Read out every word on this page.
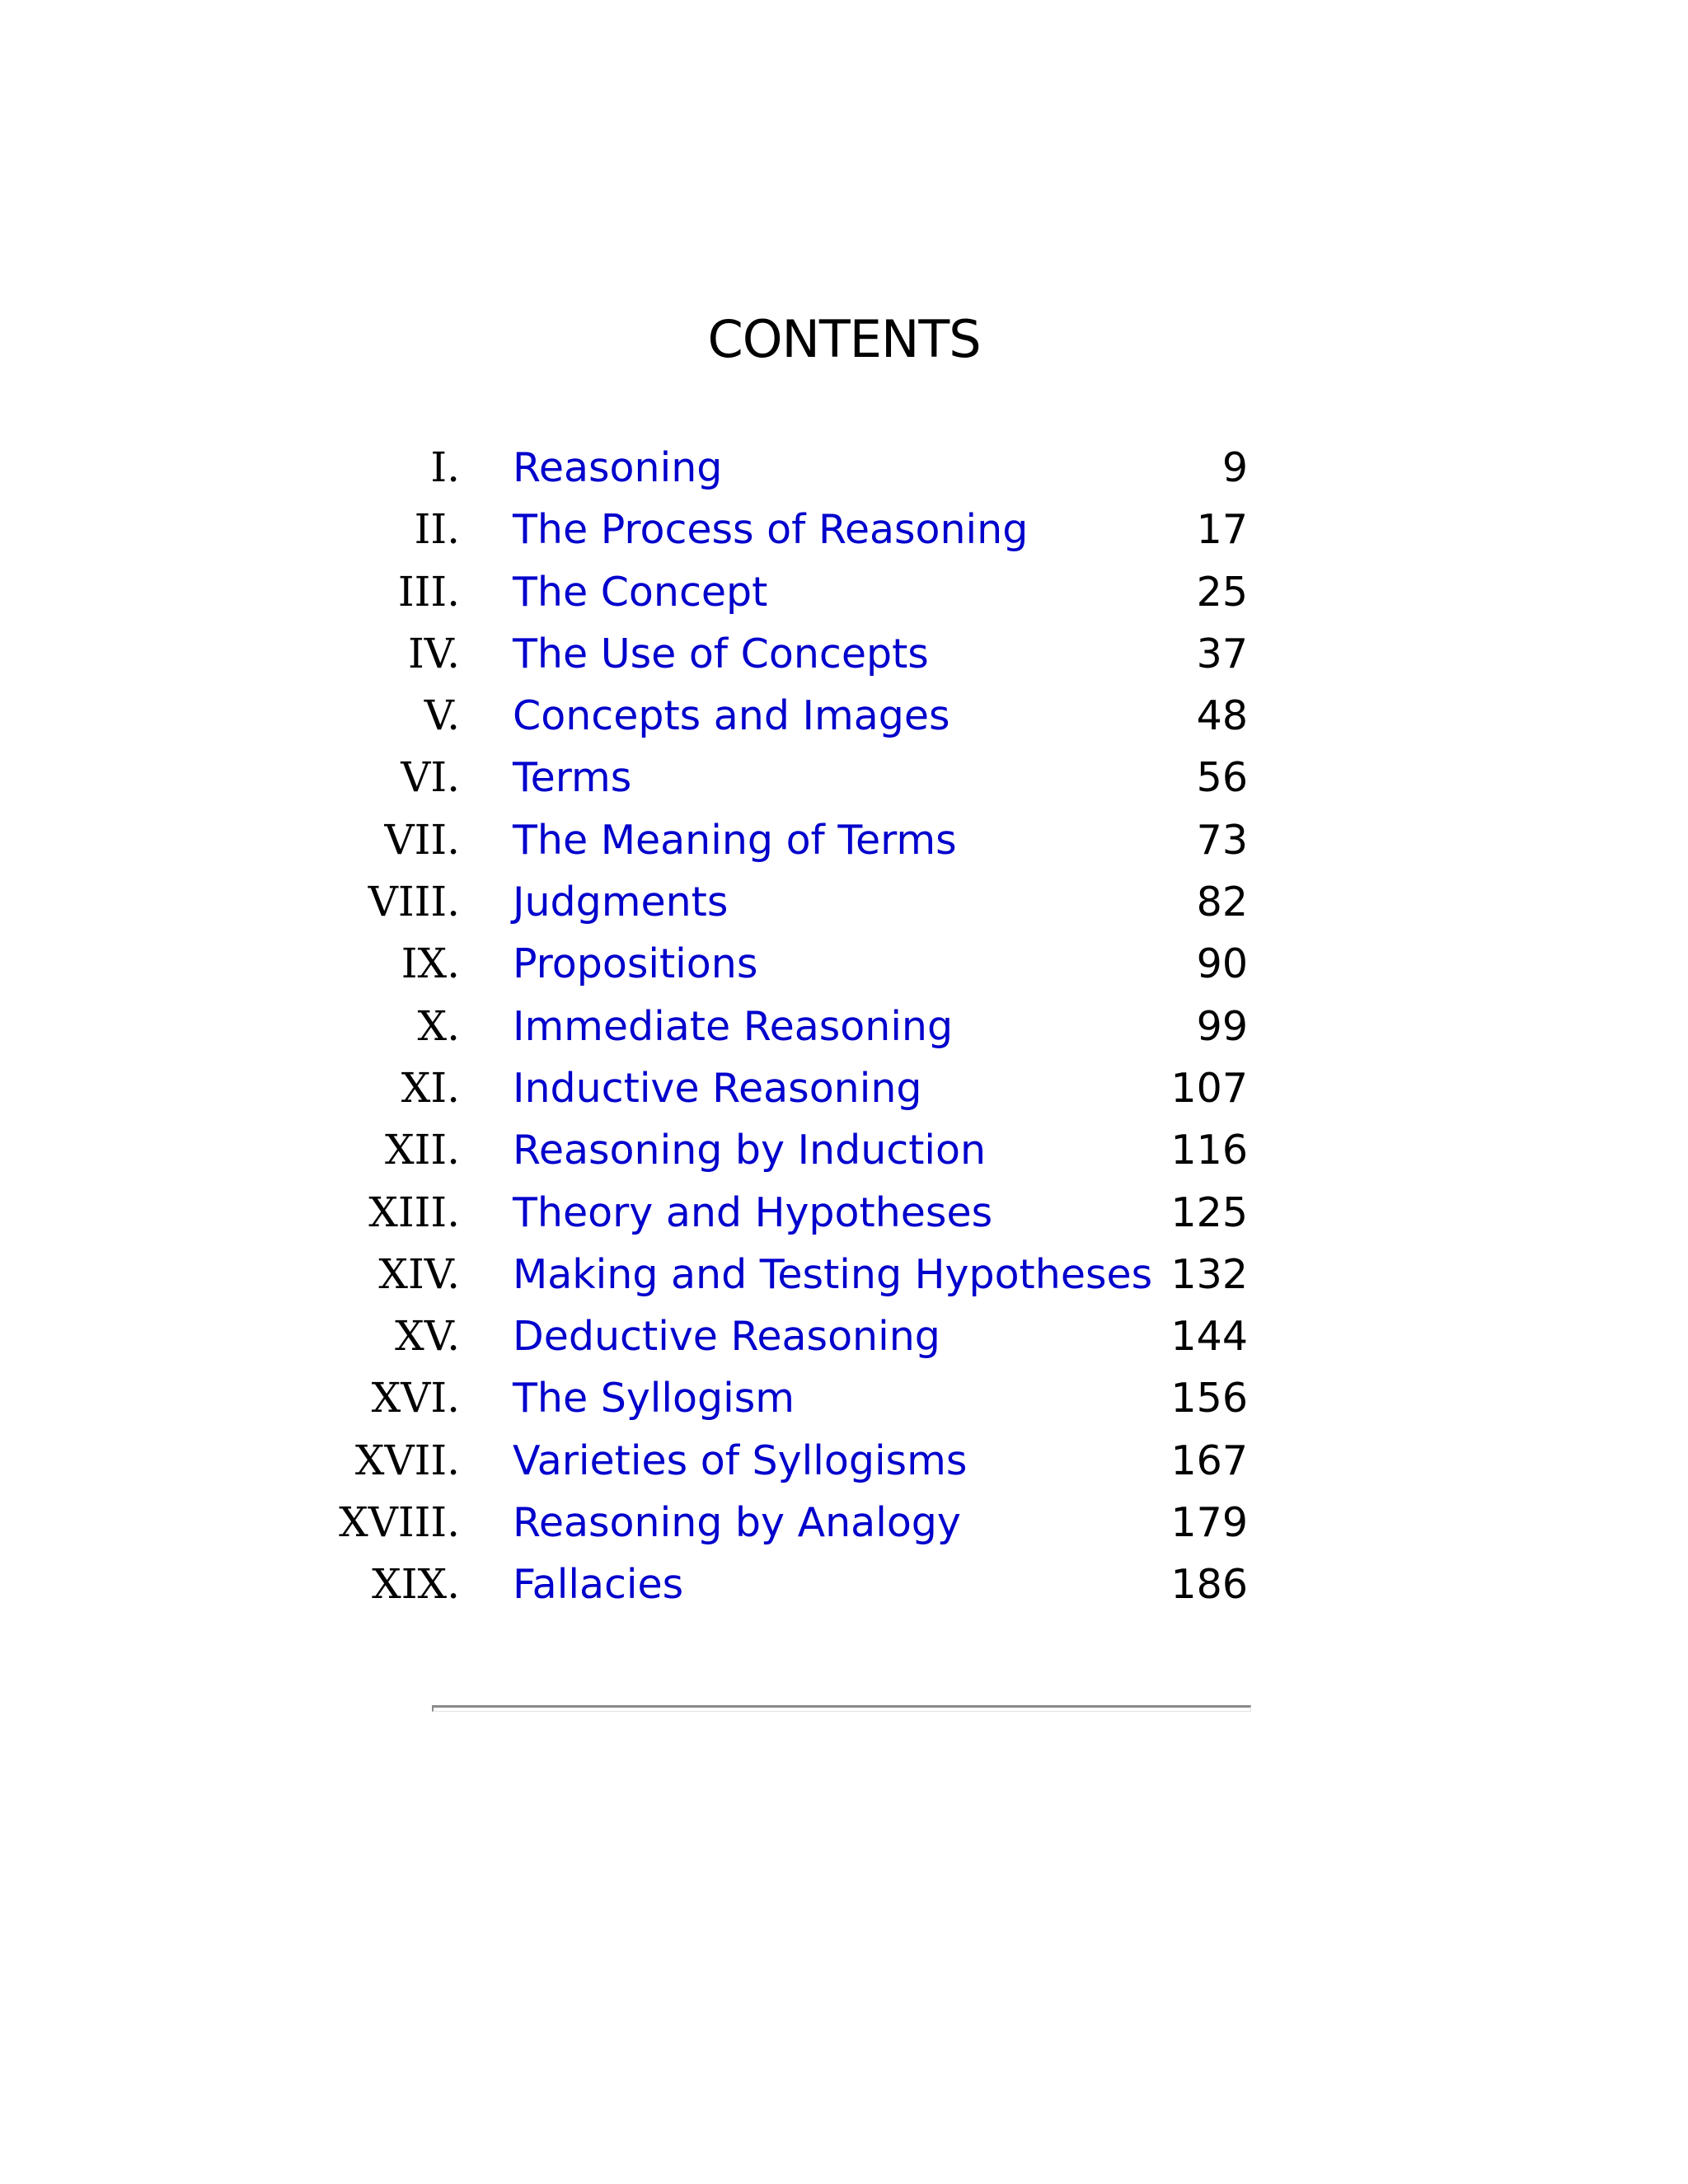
CONTENTS
I. Reasoning	9
II. The Process of Reasoning	17
III. The Concept	25
IV. The Use of Concepts	37
V. Concepts and Images	48
VI. Terms	56
VII. The Meaning of Terms	73
VIII. Judgments	82
IX. Propositions	90
X. Immediate Reasoning	99
XI. Inductive Reasoning	107
XII. Reasoning by Induction	116
XIII. Theory and Hypotheses	125
XIV. Making and Testing Hypotheses 132
XV. Deductive Reasoning	144
XVI. The Syllogism	156
XVII. Varieties of Syllogisms	167
XVIII. Reasoning by Analogy	179
XIX. Fallacies	186
